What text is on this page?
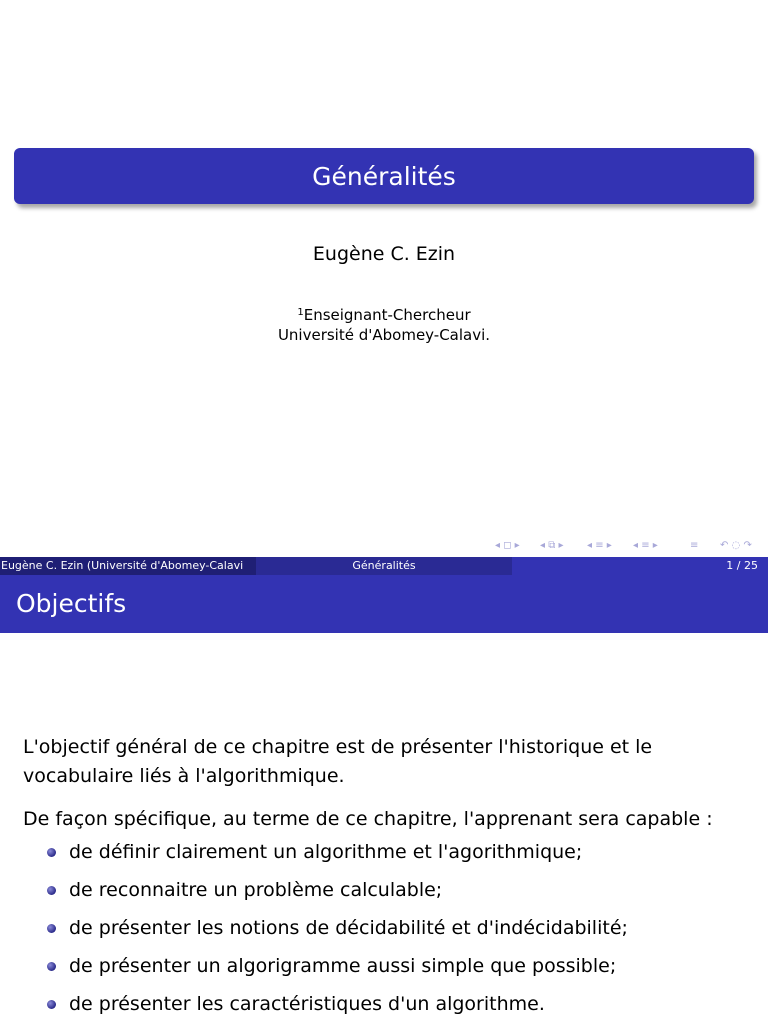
Généralités
Eugène C. Ezin
$^1$Enseignant-Chercheur
Université d'Abomey-Calavi.
◂ ◻ ▸ ◂ ⧉ ▸ ◂ ≡ ▸ ◂ ≡ ▸	≡ ↶ ◌ ↷
Eugène C. Ezin (Université d'Abomey-Calavi	Généralités	1 / 25
Objectifs

L'objectif général de ce chapitre est de présenter l'historique et le vocabulaire liés à l'algorithmique.

De façon spécifique, au terme de ce chapitre, l'apprenant sera capable :

de définir clairement un algorithme et l'agorithmique;
de reconnaitre un problème calculable;
de présenter les notions de décidabilité et d'indécidabilité;
de présenter un algorigramme aussi simple que possible;
de présenter les caractéristiques d'un algorithme.
